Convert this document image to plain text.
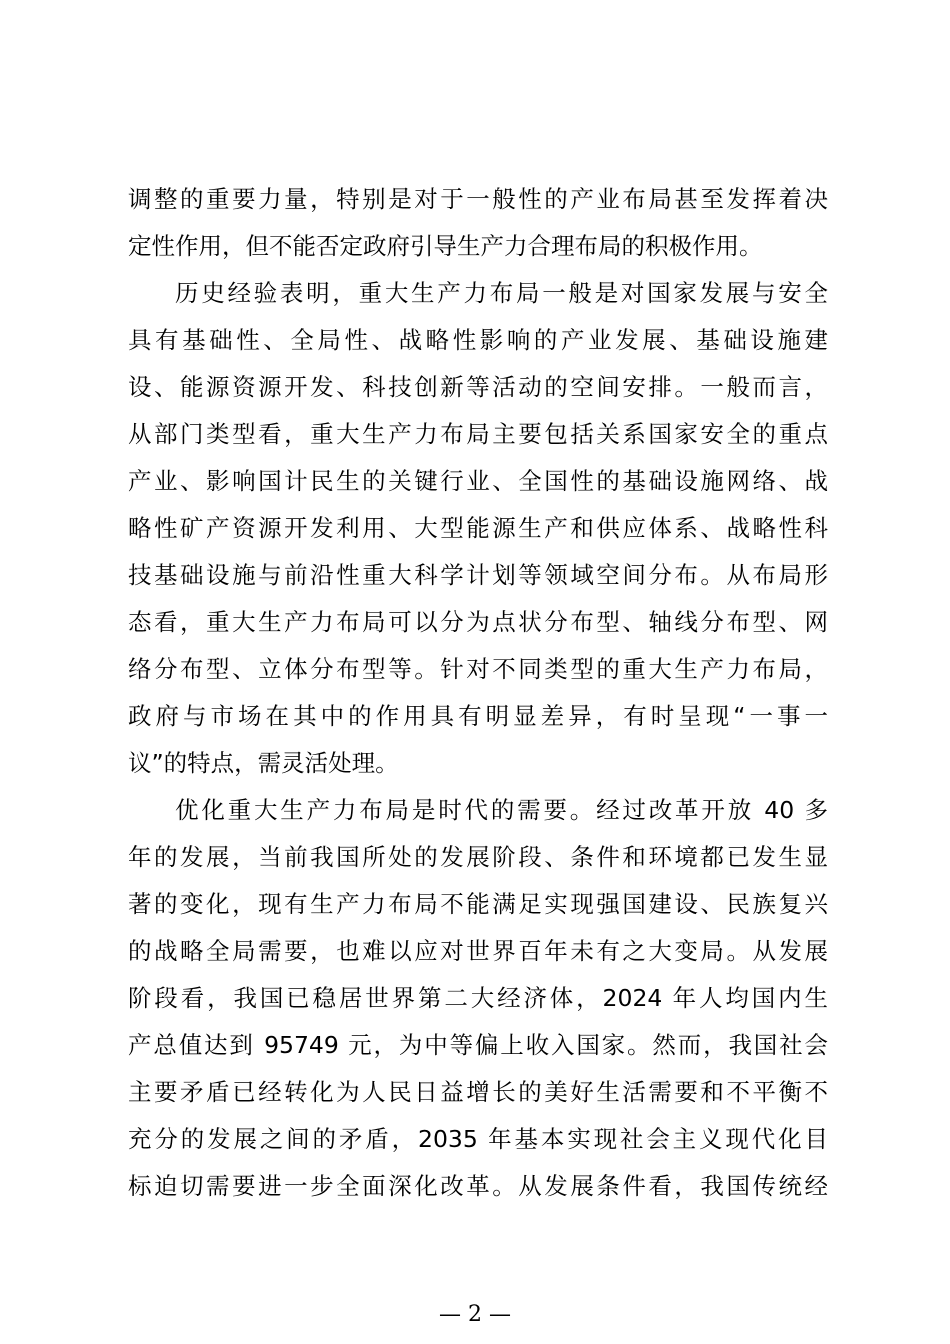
调整的重要力量，特别是对于一般性的产业布局甚至发挥着决
定性作用，但不能否定政府引导生产力合理布局的积极作用。
历史经验表明，重大生产力布局一般是对国家发展与安全
具有基础性、全局性、战略性影响的产业发展、基础设施建
设、能源资源开发、科技创新等活动的空间安排。一般而言，
从部门类型看，重大生产力布局主要包括关系国家安全的重点
产业、影响国计民生的关键行业、全国性的基础设施网络、战
略性矿产资源开发利用、大型能源生产和供应体系、战略性科
技基础设施与前沿性重大科学计划等领域空间分布。从布局形
态看，重大生产力布局可以分为点状分布型、轴线分布型、网
络分布型、立体分布型等。针对不同类型的重大生产力布局，
政府与市场在其中的作用具有明显差异，有时呈现“一事一
议”的特点，需灵活处理。
优化重大生产力布局是时代的需要。经过改革开放 40 多
年的发展，当前我国所处的发展阶段、条件和环境都已发生显
著的变化，现有生产力布局不能满足实现强国建设、民族复兴
的战略全局需要，也难以应对世界百年未有之大变局。从发展
阶段看，我国已稳居世界第二大经济体，2024 年人均国内生
产总值达到 95749 元，为中等偏上收入国家。然而，我国社会
主要矛盾已经转化为人民日益增长的美好生活需要和不平衡不
充分的发展之间的矛盾，2035 年基本实现社会主义现代化目
标迫切需要进一步全面深化改革。从发展条件看，我国传统经
— 2 —
